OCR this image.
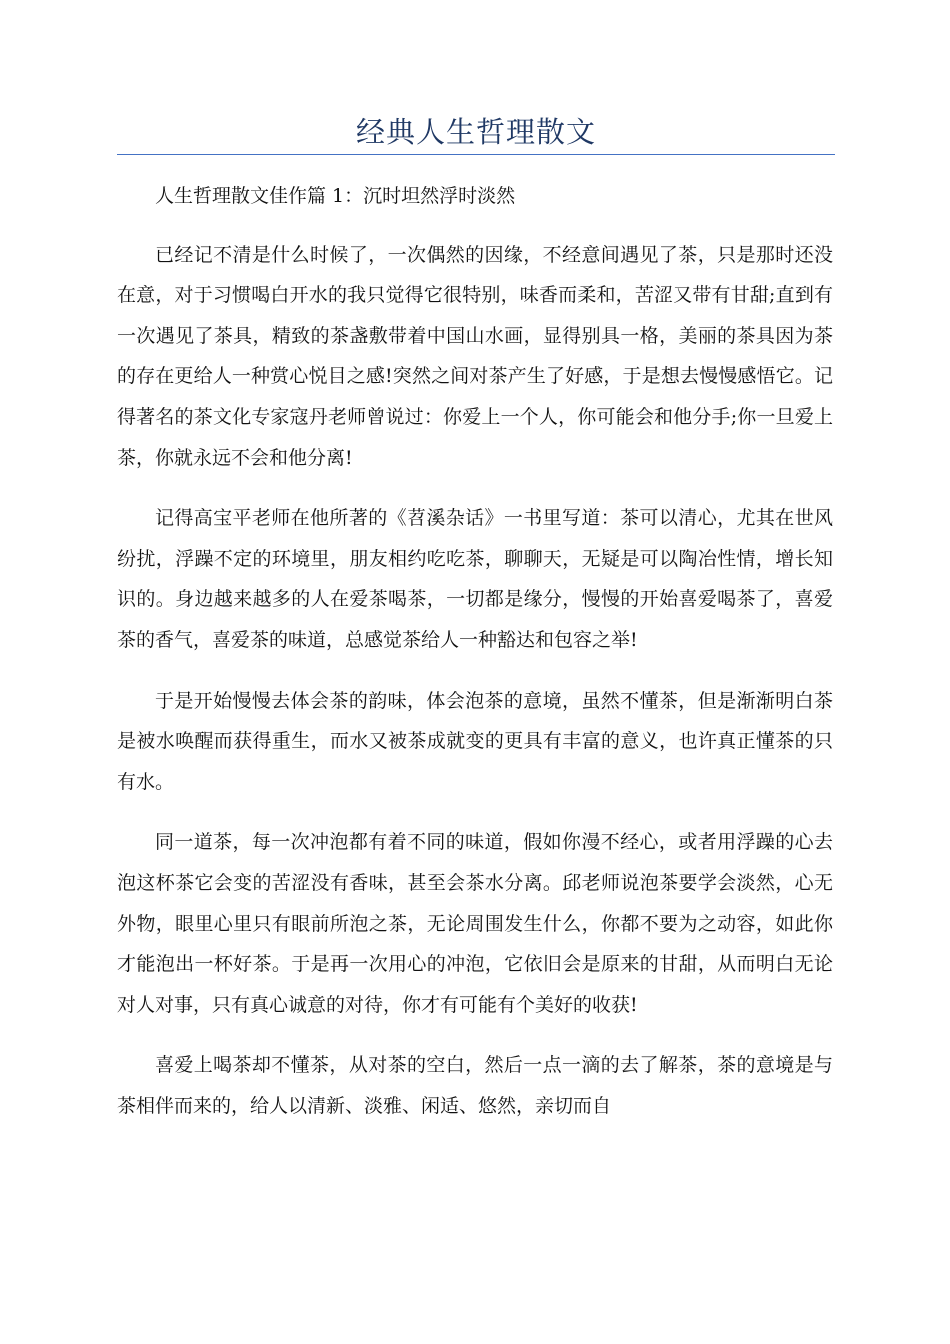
经典人生哲理散文

人生哲理散文佳作篇 1：沉时坦然浮时淡然

已经记不清是什么时候了，一次偶然的因缘，不经意间遇见了茶，只是那时还没在意，对于习惯喝白开水的我只觉得它很特别，味香而柔和，苦涩又带有甘甜;直到有一次遇见了茶具，精致的茶盏敷带着中国山水画，显得别具一格，美丽的茶具因为茶的存在更给人一种赏心悦目之感!突然之间对茶产生了好感，于是想去慢慢感悟它。记得著名的茶文化专家寇丹老师曾说过：你爱上一个人，你可能会和他分手;你一旦爱上茶，你就永远不会和他分离!

记得高宝平老师在他所著的《苕溪杂话》一书里写道：茶可以清心，尤其在世风纷扰，浮躁不定的环境里，朋友相约吃吃茶，聊聊天，无疑是可以陶冶性情，增长知识的。身边越来越多的人在爱茶喝茶，一切都是缘分，慢慢的开始喜爱喝茶了，喜爱茶的香气，喜爱茶的味道，总感觉茶给人一种豁达和包容之举!

于是开始慢慢去体会茶的韵味，体会泡茶的意境，虽然不懂茶，但是渐渐明白茶是被水唤醒而获得重生，而水又被茶成就变的更具有丰富的意义，也许真正懂茶的只有水。

同一道茶，每一次冲泡都有着不同的味道，假如你漫不经心，或者用浮躁的心去泡这杯茶它会变的苦涩没有香味，甚至会茶水分离。邱老师说泡茶要学会淡然，心无外物，眼里心里只有眼前所泡之茶，无论周围发生什么，你都不要为之动容，如此你才能泡出一杯好茶。于是再一次用心的冲泡，它依旧会是原来的甘甜，从而明白无论对人对事，只有真心诚意的对待，你才有可能有个美好的收获!

喜爱上喝茶却不懂茶，从对茶的空白，然后一点一滴的去了解茶，茶的意境是与茶相伴而来的，给人以清新、淡雅、闲适、悠然，亲切而自
